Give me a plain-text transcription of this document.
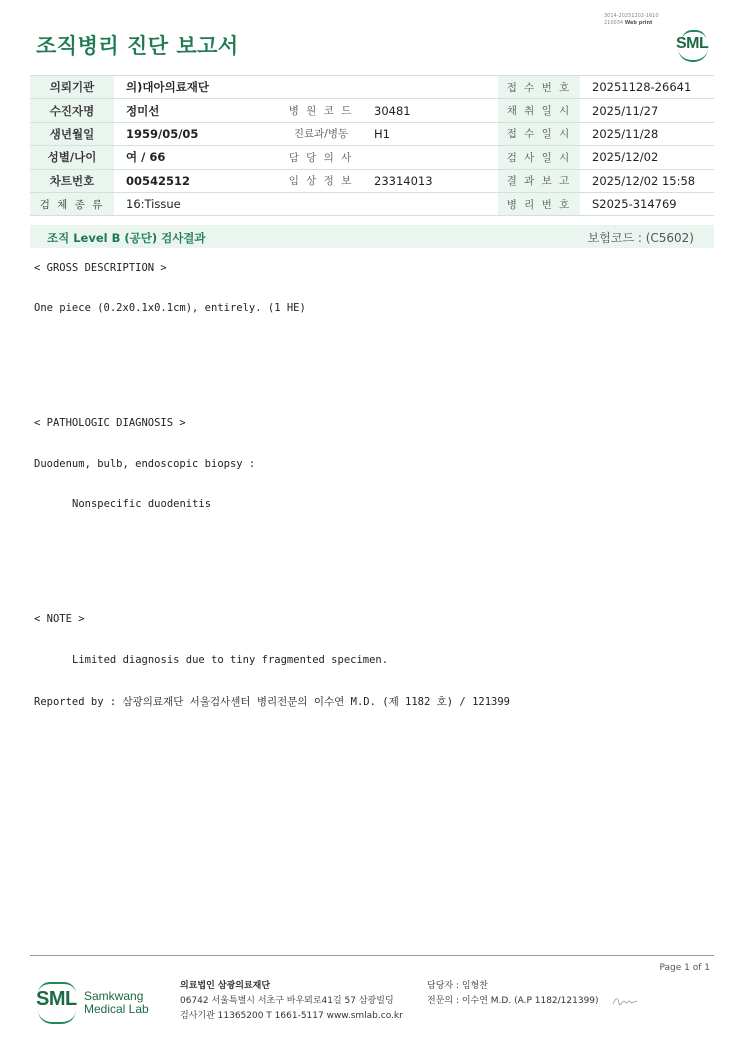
조직병리 진단 보고서
3014-20251202-1610
210034 Web print
SML
의뢰기관	의)대아의료재단			접 수 번 호	20251128-26641
수진자명	정미선	병 원 코 드	30481	채 취 일 시	2025/11/27
생년월일	1959/05/05	진료과/병동	H1	접 수 일 시	2025/11/28
성별/나이	여 / 66	담 당 의 사		검 사 일 시	2025/12/02
차트번호	00542512	임 상 정 보	23314013	결 과 보 고	2025/12/02 15:58
검 체 종 류	16:Tissue			병 리 번 호	S2025-314769
조직 Level B (공단) 검사결과	보험코드 : (C5602)
< GROSS DESCRIPTION >
One piece (0.2x0.1x0.1cm), entirely. (1 HE)
< PATHOLOGIC DIAGNOSIS >
Duodenum, bulb, endoscopic biopsy :
Nonspecific duodenitis
< NOTE >
Limited diagnosis due to tiny fragmented specimen.
Reported by : 삼광의료재단 서울검사센터 병리전문의 이수연 M.D. (제 1182 호) / 121399
Page 1 of 1
SML Samkwang
Medical Lab
의료법인 삼광의료재단
06742 서울특별시 서초구 바우뫼로41길 57 삼광빌딩
검사기관 11365200 T 1661-5117 www.smlab.co.kr
담당자 : 임형찬
전문의 : 이수연 M.D. (A.P 1182/121399)
